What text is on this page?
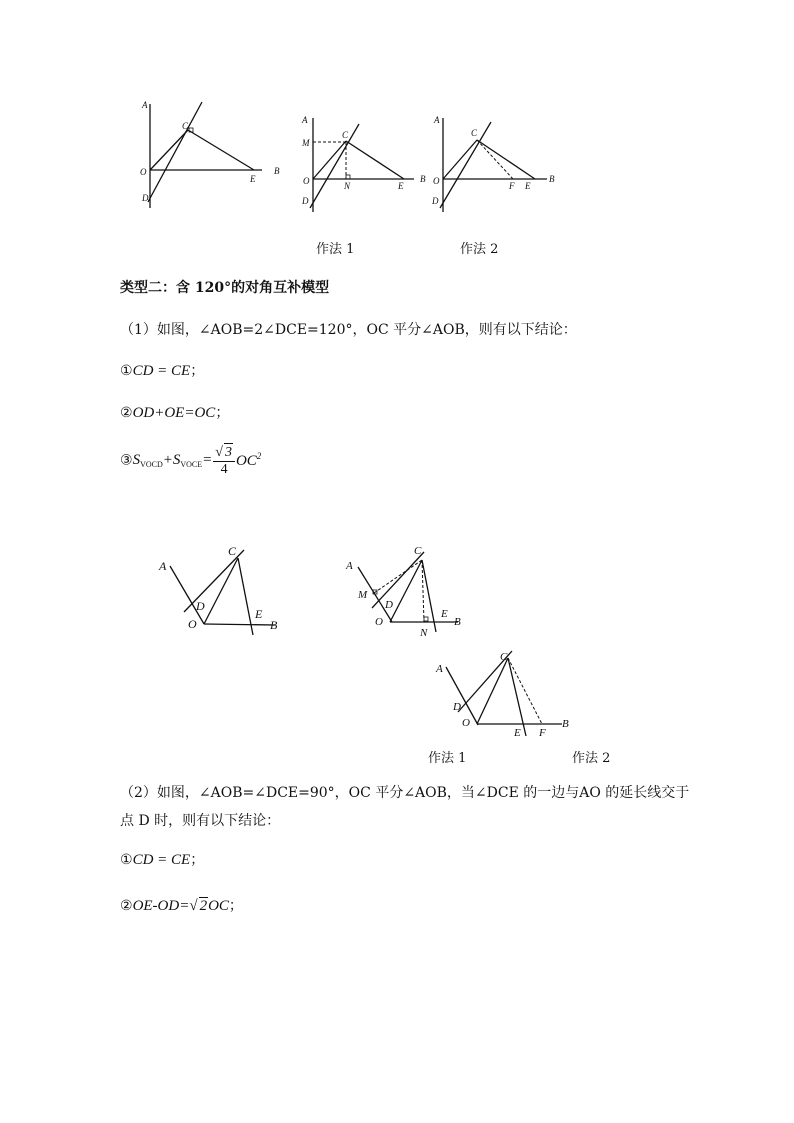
A
B
C
D
E
O
A
B
C
D
E
O
M
N
A
B
C
D
E
O	F
作法 1	作法 2
类型二：含 120°的对角互补模型
（1）如图，∠AOB=2∠DCE=120°，OC 平分∠AOB，则有以下结论：
①CD = CE；
②OD+OE=OC；
$③S_{VOCD}+S_{VOCE}= \frac{√ 3}{4} OC^2$
A
B
C
D
E
O
A
B
C
D
E
O
M
N
A
B
C
D
E
O
F
作法 1	作法 2
（2）如图，∠AOB=∠DCE=90°，OC 平分∠AOB，当∠DCE 的一边与AO 的延长线交于
点 D 时，则有以下结论：
①CD = CE；
②OE-OD=√ 2OC；
